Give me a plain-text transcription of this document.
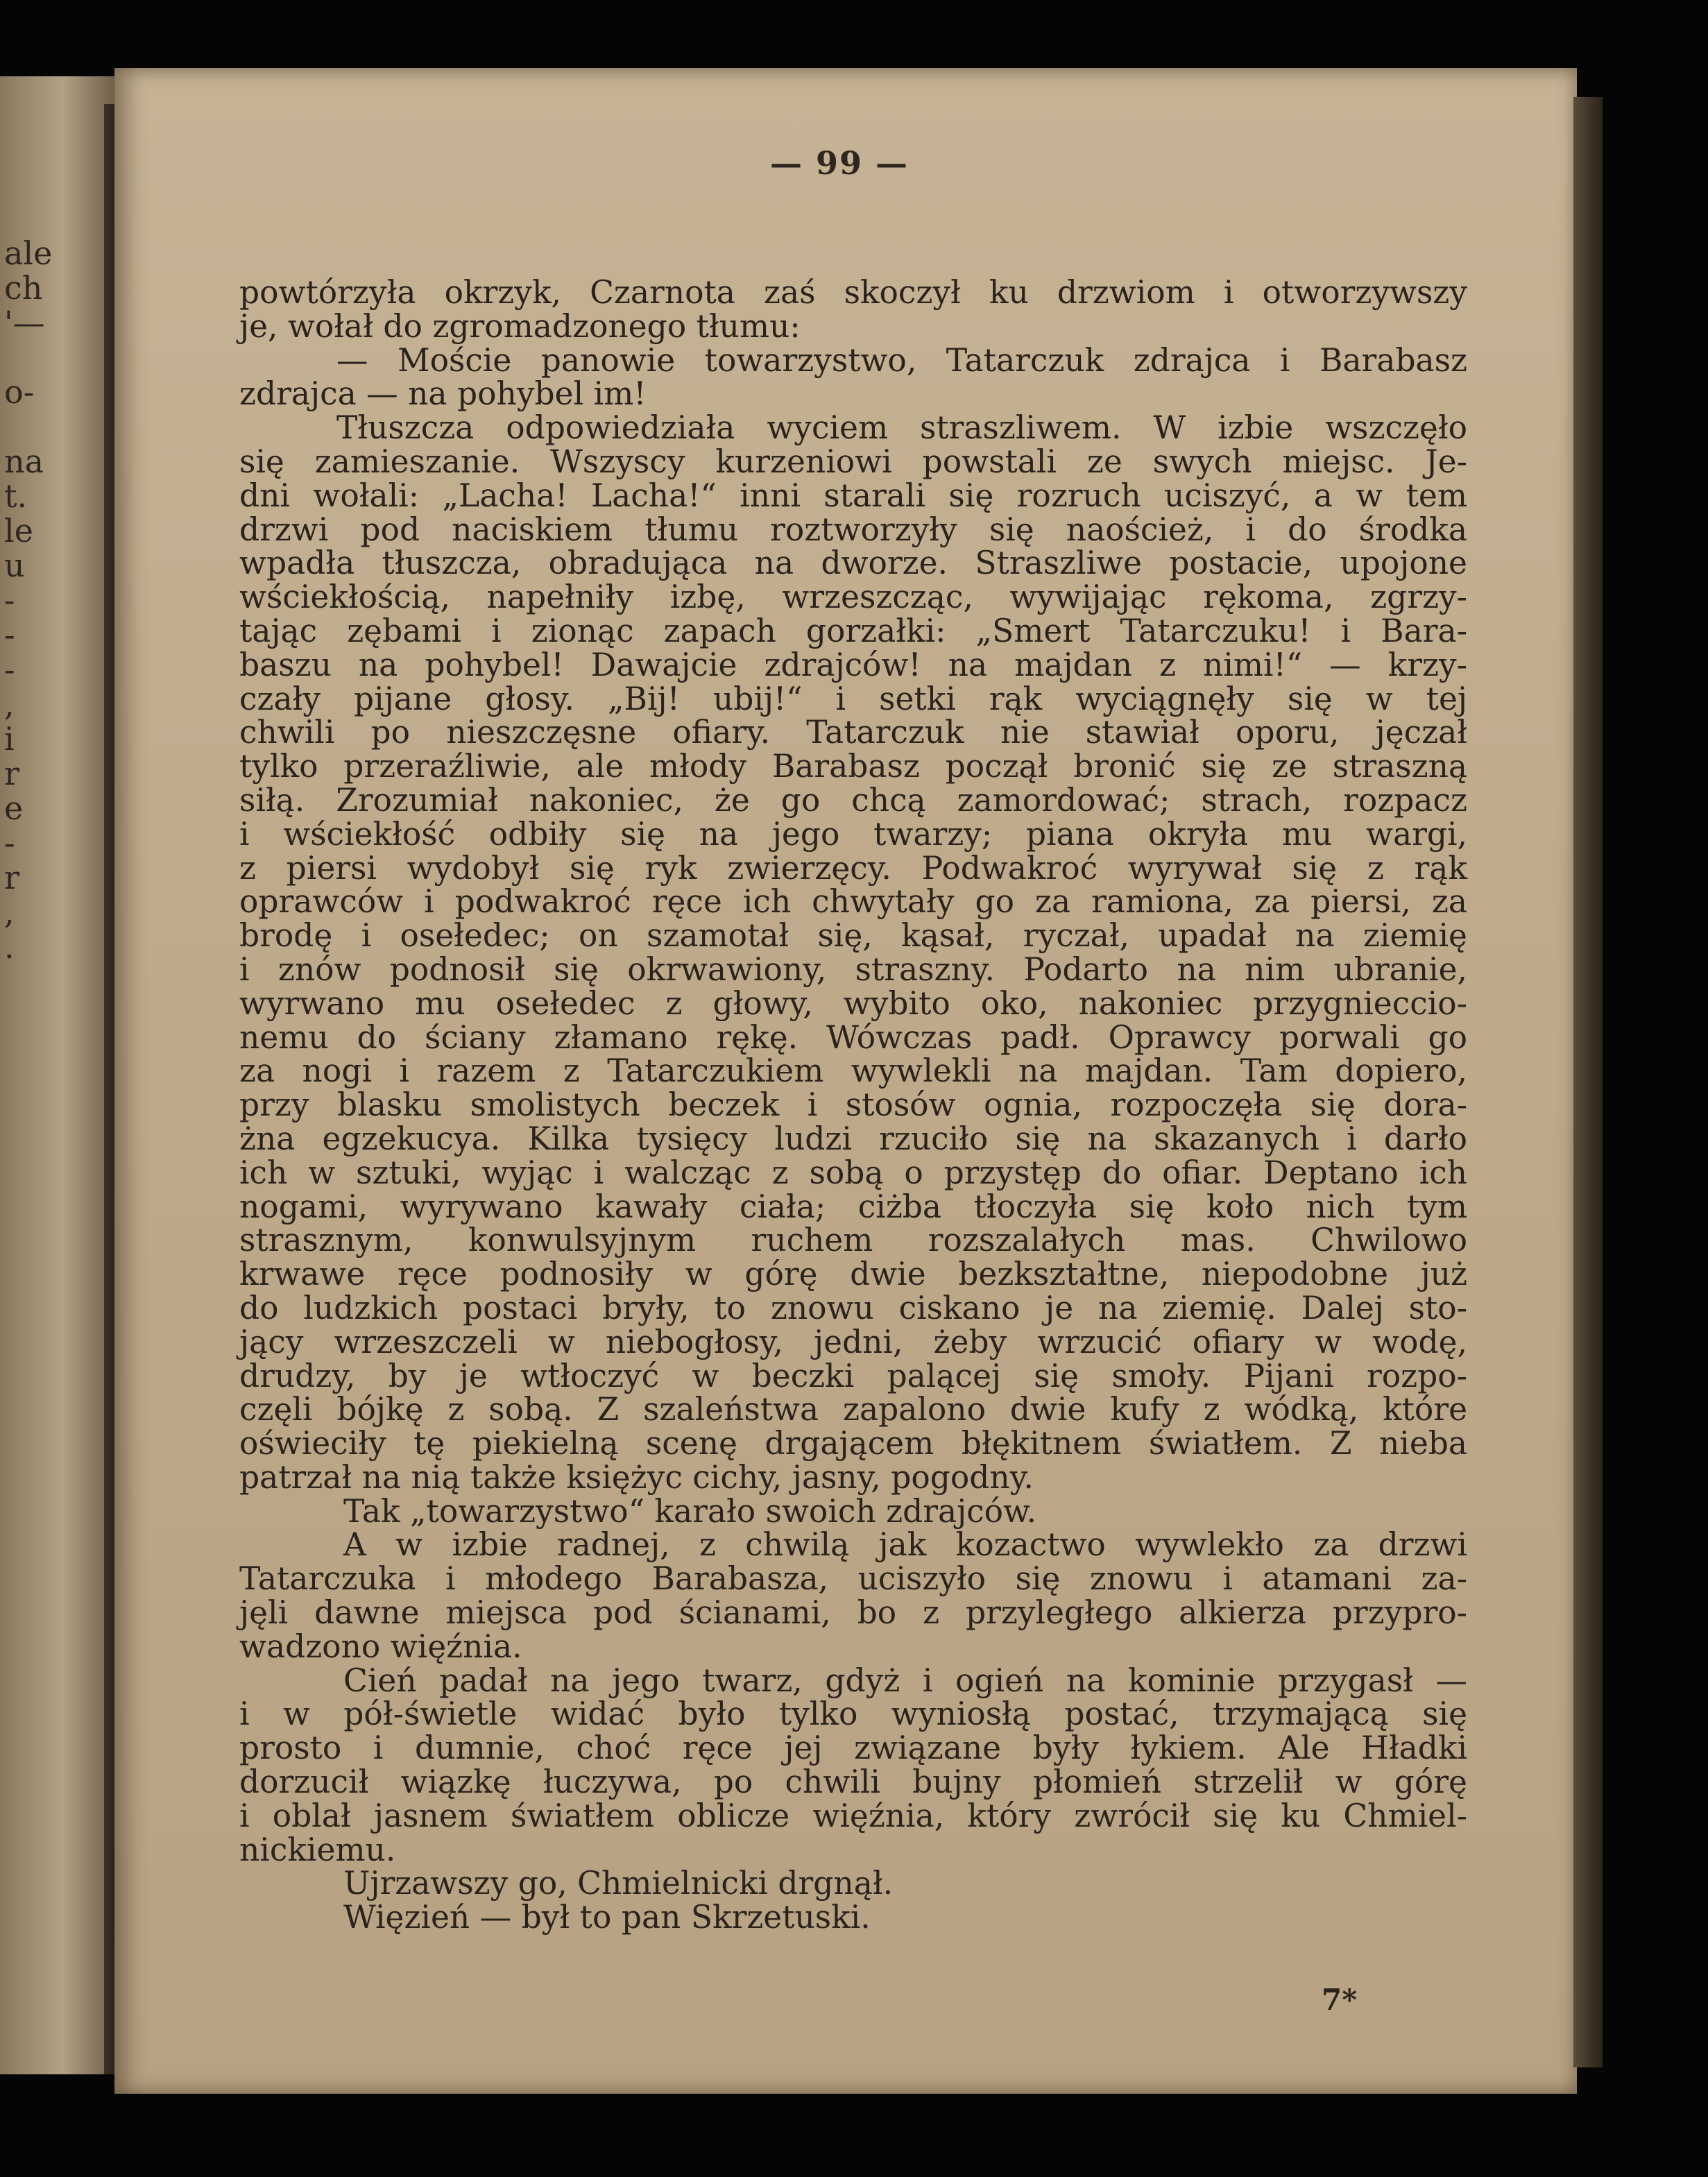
ale
ch
'—

o-

na
t.
le
u
-
-
-
,
i
r
e
-
r
,
.
— 99 —

powtórzyła okrzyk, Czarnota zaś skoczył ku drzwiom i otworzywszy

je, wołał do zgromadzonego tłumu:

— Moście panowie towarzystwo, Tatarczuk zdrajca i Barabasz

zdrajca — na pohybel im!

Tłuszcza odpowiedziała wyciem straszliwem. W izbie wszczęło

się zamieszanie. Wszyscy kurzeniowi powstali ze swych miejsc. Je-

dni wołali: „Lacha! Lacha!“ inni starali się rozruch uciszyć, a w tem

drzwi pod naciskiem tłumu roztworzyły się naoścież, i do środka

wpadła tłuszcza, obradująca na dworze. Straszliwe postacie, upojone

wściekłością, napełniły izbę, wrzeszcząc, wywijając rękoma, zgrzy-

tając zębami i zionąc zapach gorzałki: „Smert Tatarczuku! i Bara-

baszu na pohybel! Dawajcie zdrajców! na majdan z nimi!“ — krzy-

czały pijane głosy. „Bij! ubij!“ i setki rąk wyciągnęły się w tej

chwili po nieszczęsne ofiary. Tatarczuk nie stawiał oporu, jęczał

tylko przeraźliwie, ale młody Barabasz począł bronić się ze straszną

siłą. Zrozumiał nakoniec, że go chcą zamordować; strach, rozpacz

i wściekłość odbiły się na jego twarzy; piana okryła mu wargi,

z piersi wydobył się ryk zwierzęcy. Podwakroć wyrywał się z rąk

oprawców i podwakroć ręce ich chwytały go za ramiona, za piersi, za

brodę i osełedec; on szamotał się, kąsał, ryczał, upadał na ziemię

i znów podnosił się okrwawiony, straszny. Podarto na nim ubranie,

wyrwano mu osełedec z głowy, wybito oko, nakoniec przygnieccio-

nemu do ściany złamano rękę. Wówczas padł. Oprawcy porwali go

za nogi i razem z Tatarczukiem wywlekli na majdan. Tam dopiero,

przy blasku smolistych beczek i stosów ognia, rozpoczęła się dora-

żna egzekucya. Kilka tysięcy ludzi rzuciło się na skazanych i darło

ich w sztuki, wyjąc i walcząc z sobą o przystęp do ofiar. Deptano ich

nogami, wyrywano kawały ciała; ciżba tłoczyła się koło nich tym

strasznym, konwulsyjnym ruchem rozszalałych mas. Chwilowo

krwawe ręce podnosiły w górę dwie bezkształtne, niepodobne już

do ludzkich postaci bryły, to znowu ciskano je na ziemię. Dalej sto-

jący wrzeszczeli w niebogłosy, jedni, żeby wrzucić ofiary w wodę,

drudzy, by je wtłoczyć w beczki palącej się smoły. Pijani rozpo-

częli bójkę z sobą. Z szaleństwa zapalono dwie kufy z wódką, które

oświeciły tę piekielną scenę drgającem błękitnem światłem. Z nieba

patrzał na nią także księżyc cichy, jasny, pogodny.

Tak „towarzystwo“ karało swoich zdrajców.

A w izbie radnej, z chwilą jak kozactwo wywlekło za drzwi

Tatarczuka i młodego Barabasza, uciszyło się znowu i atamani za-

jęli dawne miejsca pod ścianami, bo z przyległego alkierza przypro-

wadzono więźnia.

Cień padał na jego twarz, gdyż i ogień na kominie przygasł —

i w pół-świetle widać było tylko wyniosłą postać, trzymającą się

prosto i dumnie, choć ręce jej związane były łykiem. Ale Hładki

dorzucił wiązkę łuczywa, po chwili bujny płomień strzelił w górę

i oblał jasnem światłem oblicze więźnia, który zwrócił się ku Chmiel-

nickiemu.

Ujrzawszy go, Chmielnicki drgnął.

Więzień — był to pan Skrzetuski.

7*
